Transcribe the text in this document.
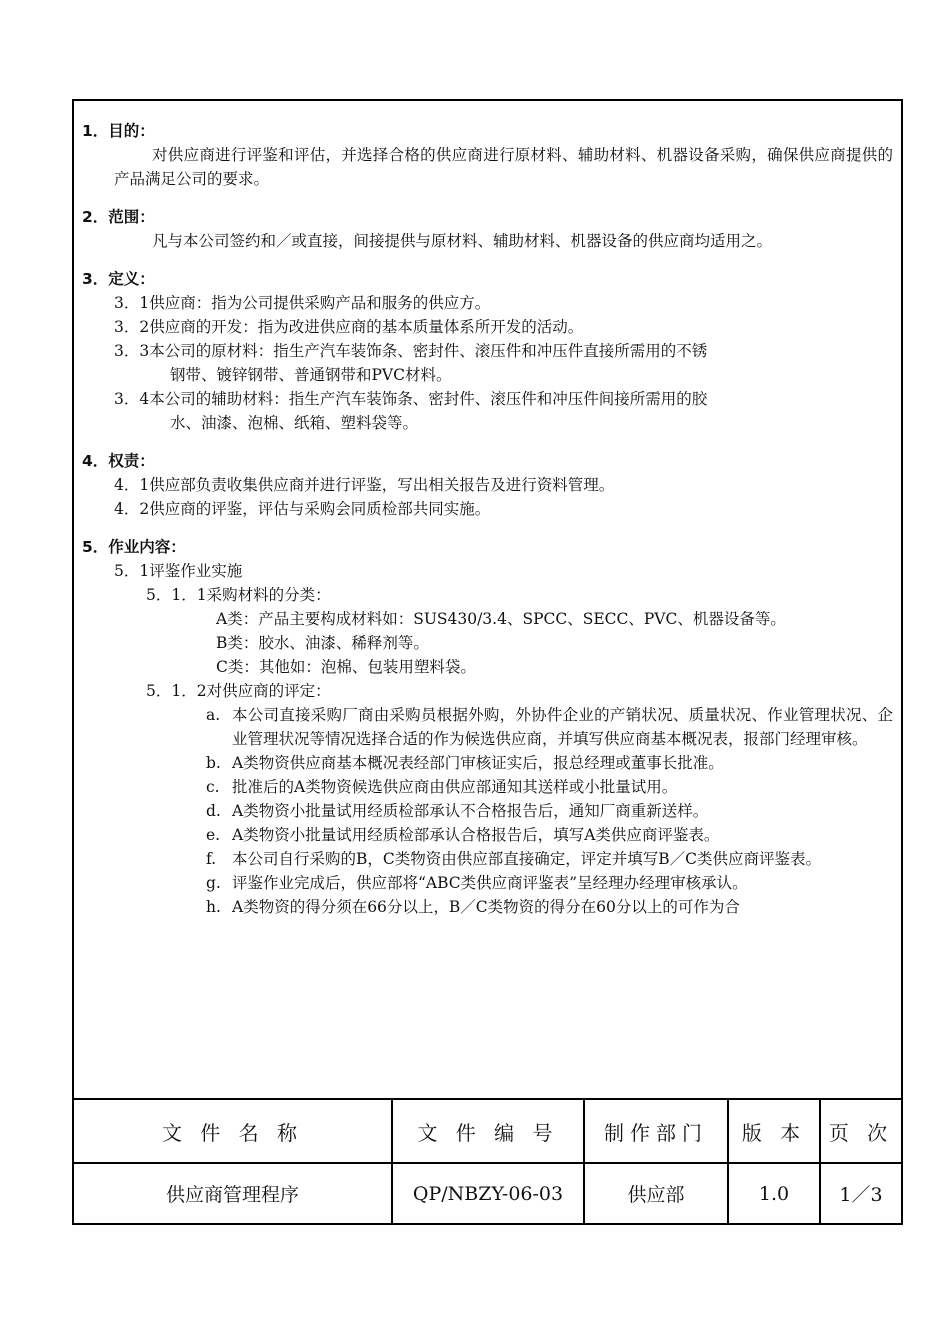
1．目的：
对供应商进行评鉴和评估，并选择合格的供应商进行原材料、辅助材料、机器设备采购，确保供应商提供的产品满足公司的要求。
2．范围：
凡与本公司签约和／或直接，间接提供与原材料、辅助材料、机器设备的供应商均适用之。
3．定义：
3．1供应商：指为公司提供采购产品和服务的供应方。
3．2供应商的开发：指为改进供应商的基本质量体系所开发的活动。
3．3本公司的原材料：指生产汽车装饰条、密封件、滚压件和冲压件直接所需用的不锈
钢带、镀锌钢带、普通钢带和PVC材料。
3．4本公司的辅助材料：指生产汽车装饰条、密封件、滚压件和冲压件间接所需用的胶
水、油漆、泡棉、纸箱、塑料袋等。
4．权责：
4．1供应部负责收集供应商并进行评鉴，写出相关报告及进行资料管理。
4．2供应商的评鉴，评估与采购会同质检部共同实施。
5．作业内容：
5．1评鉴作业实施
5．1．1采购材料的分类：
A类：产品主要构成材料如：SUS430/3.4、SPCC、SECC、PVC、机器设备等。
B类：胶水、油漆、稀释剂等。
C类：其他如：泡棉、包装用塑料袋。
5．1．2对供应商的评定：
a. 本公司直接采购厂商由采购员根据外购，外协件企业的产销状况、质量状况、作业管理状况、企业管理状况等情况选择合适的作为候选供应商，并填写供应商基本概况表，报部门经理审核。
b. A类物资供应商基本概况表经部门审核证实后，报总经理或董事长批准。
c. 批准后的A类物资候选供应商由供应部通知其送样或小批量试用。
d. A类物资小批量试用经质检部承认不合格报告后，通知厂商重新送样。
e. A类物资小批量试用经质检部承认合格报告后，填写A类供应商评鉴表。
f.	本公司自行采购的B，C类物资由供应部直接确定，评定并填写B／C类供应商评鉴表。
g. 评鉴作业完成后，供应部将“ABC类供应商评鉴表”呈经理办经理审核承认。
h. A类物资的得分须在66分以上，B／C类物资的得分在60分以上的可作为合
文 件 名 称	文 件 编 号	制作部门	版 本	页 次
供应商管理程序	QP/NBZY-06-03	供应部	1.0	1／3
